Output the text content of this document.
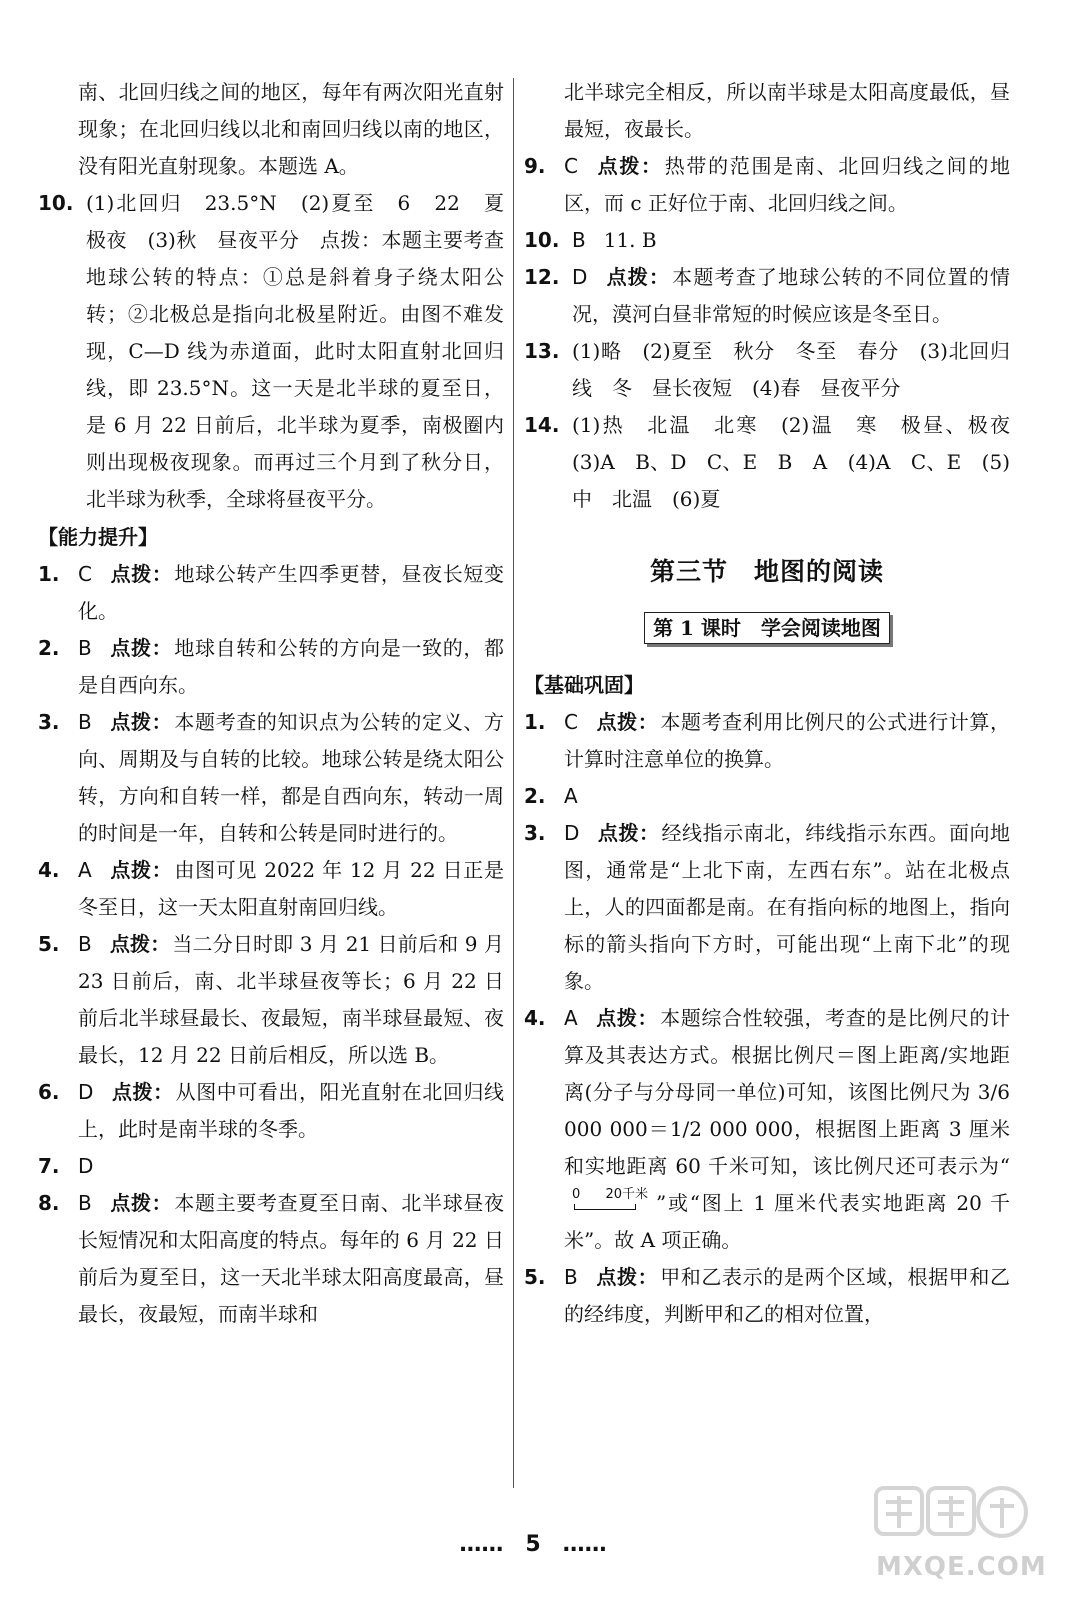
南、北回归线之间的地区，每年有两次阳光直射现象；在北回归线以北和南回归线以南的地区，没有阳光直射现象。本题选 A。
10. (1)北回归　23.5°N　(2)夏至　6　22　夏　极夜　(3)秋　昼夜平分　点拨：本题主要考查地球公转的特点：①总是斜着身子绕太阳公转；②北极总是指向北极星附近。由图不难发现，C—D 线为赤道面，此时太阳直射北回归线，即 23.5°N。这一天是北半球的夏至日，是 6 月 22 日前后，北半球为夏季，南极圈内则出现极夜现象。而再过三个月到了秋分日，北半球为秋季，全球将昼夜平分。
【能力提升】
1. C 点拨： 地球公转产生四季更替，昼夜长短变化。
2. B 点拨： 地球自转和公转的方向是一致的，都是自西向东。
3. B 点拨： 本题考查的知识点为公转的定义、方向、周期及与自转的比较。地球公转是绕太阳公转，方向和自转一样，都是自西向东，转动一周的时间是一年，自转和公转是同时进行的。
4. A 点拨： 由图可见 2022 年 12 月 22 日正是冬至日，这一天太阳直射南回归线。
5. B 点拨： 当二分日时即 3 月 21 日前后和 9 月 23 日前后，南、北半球昼夜等长；6 月 22 日前后北半球昼最长、夜最短，南半球昼最短、夜最长，12 月 22 日前后相反，所以选 B。
6. D 点拨： 从图中可看出，阳光直射在北回归线上，此时是南半球的冬季。
7. D
8. B 点拨： 本题主要考查夏至日南、北半球昼夜长短情况和太阳高度的特点。每年的 6 月 22 日前后为夏至日，这一天北半球太阳高度最高，昼最长，夜最短，而南半球和
北半球完全相反，所以南半球是太阳高度最低，昼最短，夜最长。
9. C 点拨： 热带的范围是南、北回归线之间的地区，而 c 正好位于南、北回归线之间。
10. B 11. B
12. D 点拨： 本题考查了地球公转的不同位置的情况，漠河白昼非常短的时候应该是冬至日。
13. (1)略　(2)夏至　秋分　冬至　春分　(3)北回归线　冬　昼长夜短　(4)春　昼夜平分
14. (1)热　北温　北寒　(2)温　寒　极昼、极夜　(3)A　B、D　C、E　B　A　(4)A　C、E　(5)中　北温　(6)夏
第三节　地图的阅读
第 1 课时　学会阅读地图
【基础巩固】
1. C 点拨： 本题考查利用比例尺的公式进行计算，计算时注意单位的换算。
2. A
3. D 点拨： 经线指示南北，纬线指示东西。面向地图，通常是“上北下南，左西右东”。站在北极点上，人的四面都是南。在有指向标的地图上，指向标的箭头指向下方时，可能出现“上南下北”的现象。
4. A 点拨： 本题综合性较强，考查的是比例尺的计算及其表达方式。根据比例尺＝图上距离/实地距离(分子与分母同一单位)可知，该图比例尺为 3/6 000 000＝1/2 000 000，根据图上距离 3 厘米和实地距离 60 千米可知，该比例尺还可表示为“
0 20千米 ”或“图上 1 厘米代表实地距离 20 千米”。故 A 项正确。
5. B 点拨： 甲和乙表示的是两个区域，根据甲和乙的经纬度，判断甲和乙的相对位置，
……　5　……
MXQE.COM
